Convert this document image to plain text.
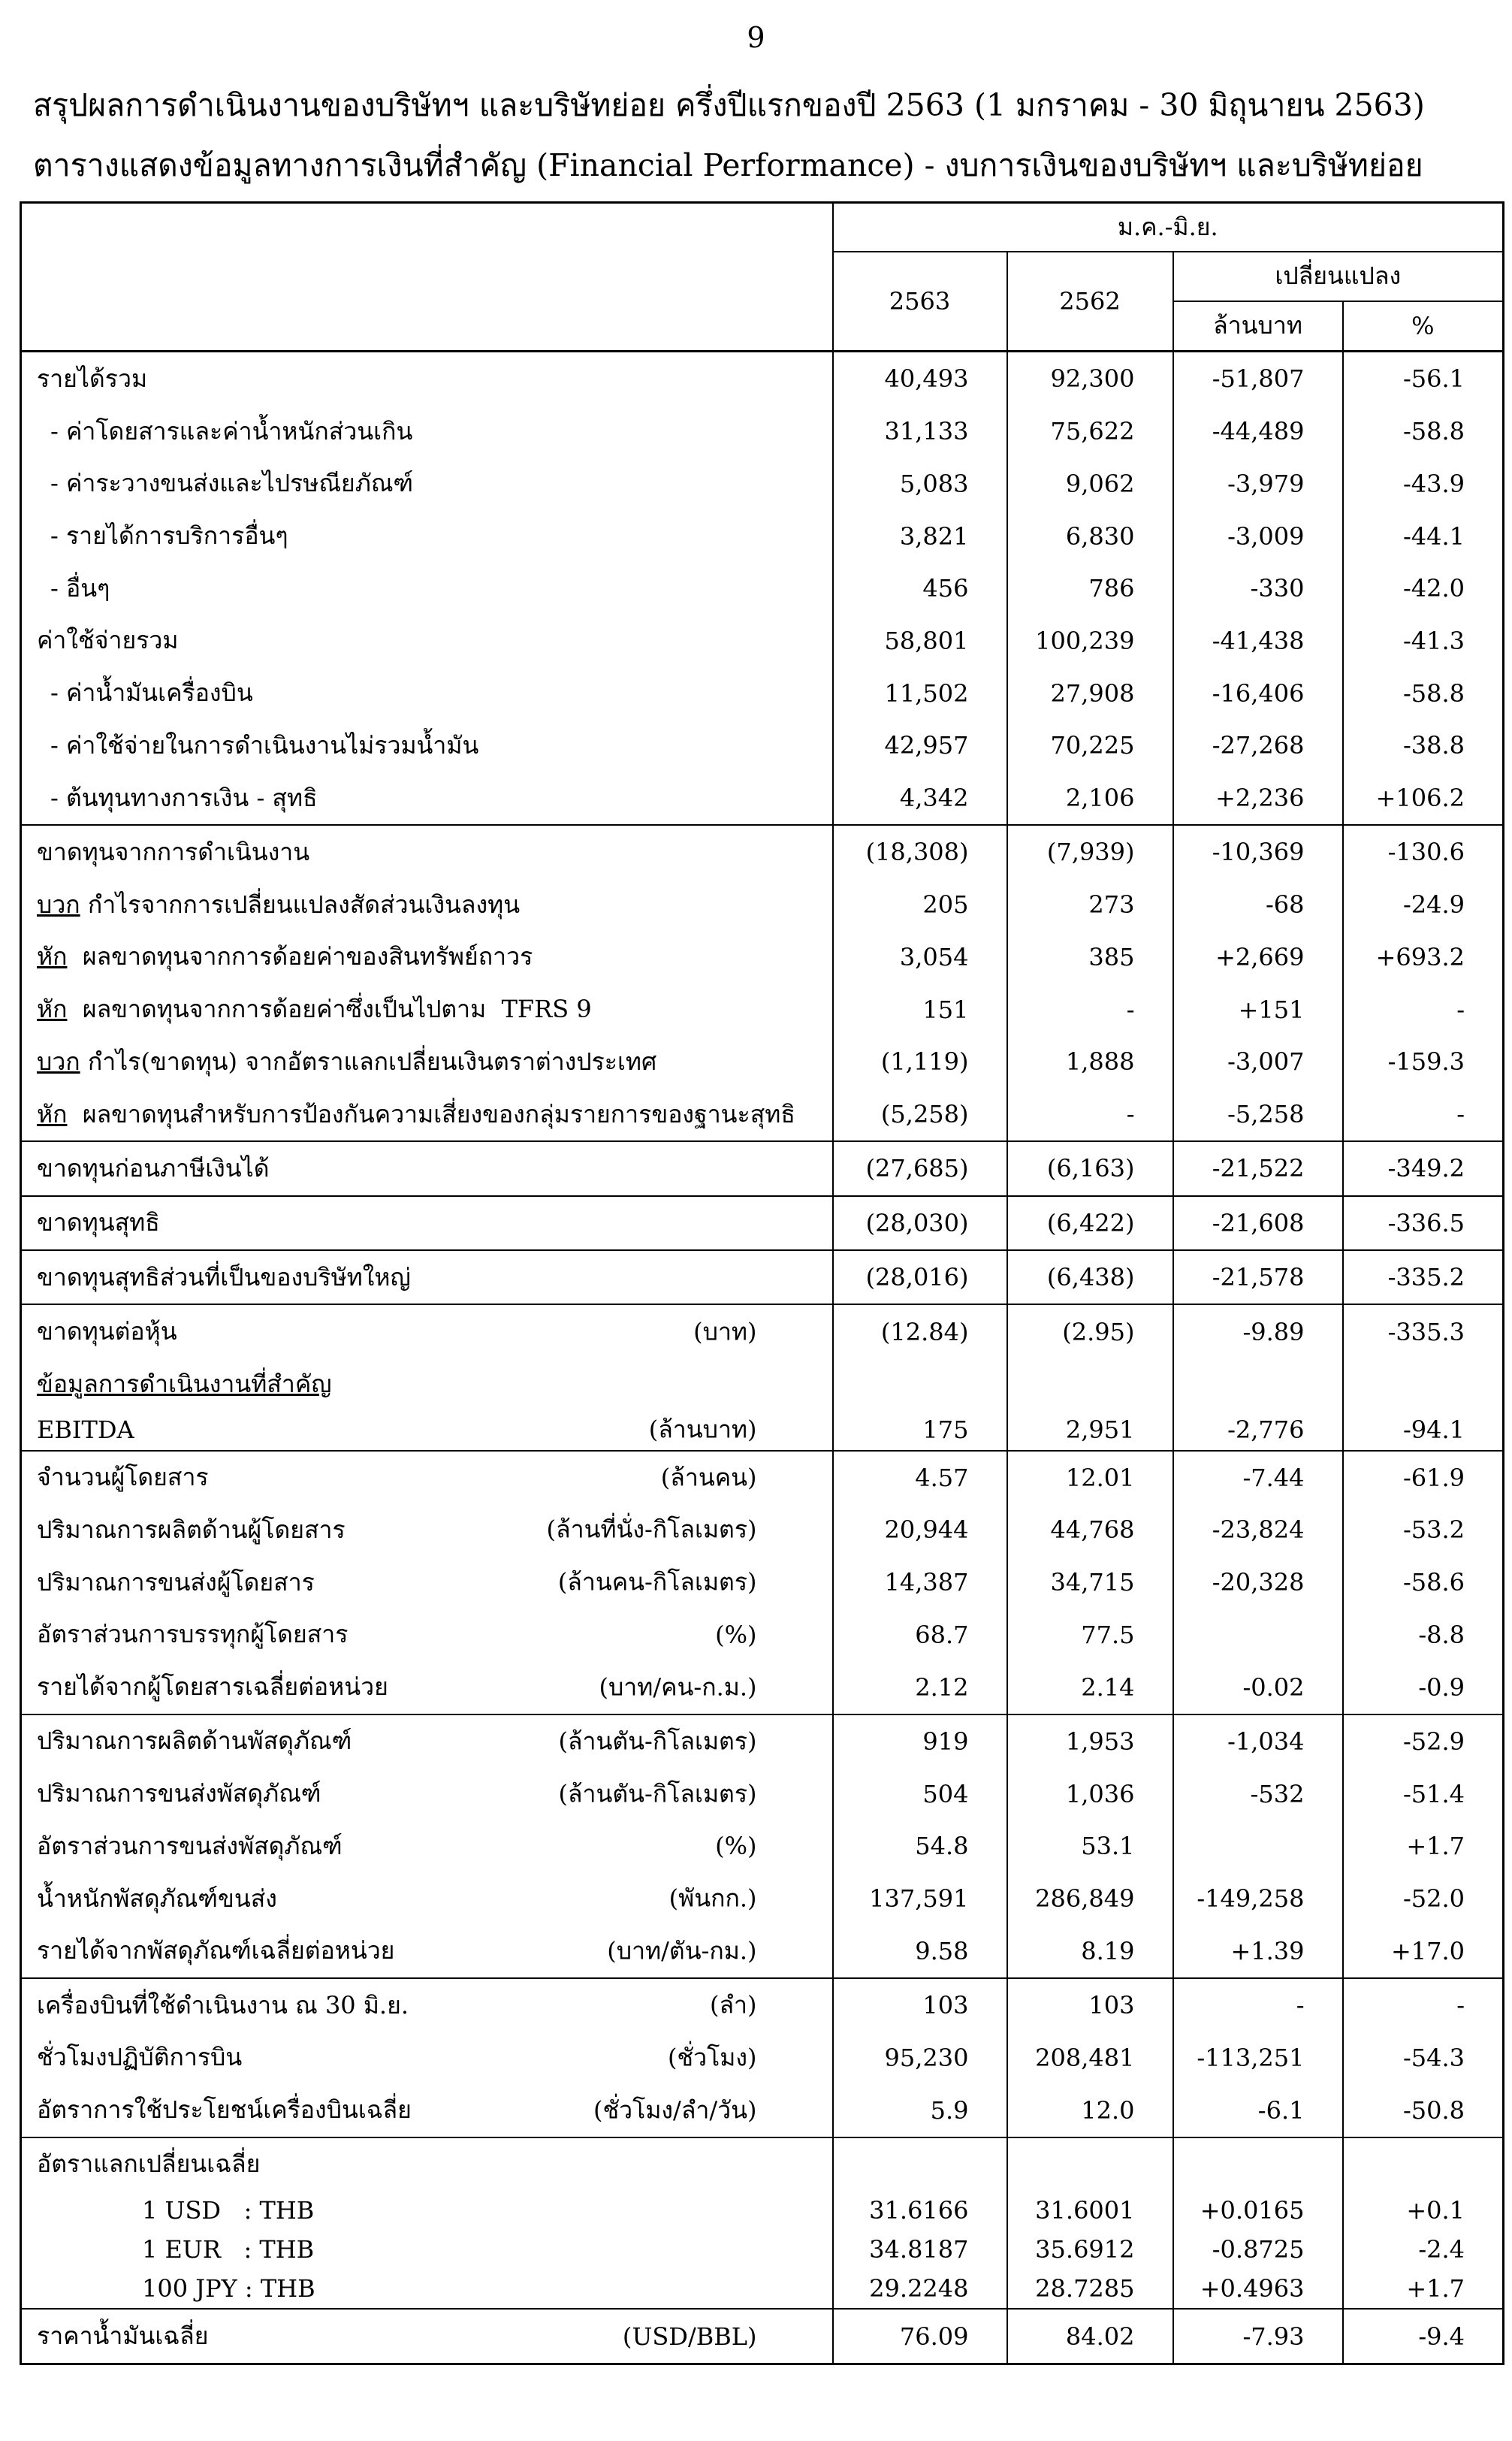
9
สรุปผลการดำเนินงานของบริษัทฯ และบริษัทย่อย ครึ่งปีแรกของปี 2563 (1 มกราคม - 30 มิถุนายน 2563)
ตารางแสดงข้อมูลทางการเงินที่สำคัญ (Financial Performance) - งบการเงินของบริษัทฯ และบริษัทย่อย
	ม.ค.-มิ.ย.			
	2563	2562	เปลี่ยนแปลง	
			ล้านบาท	%
รายได้รวม	40,493	92,300	-51,807	-56.1
- ค่าโดยสารและค่าน้ำหนักส่วนเกิน	31,133	75,622	-44,489	-58.8
- ค่าระวางขนส่งและไปรษณียภัณฑ์	5,083	9,062	-3,979	-43.9
- รายได้การบริการอื่นๆ	3,821	6,830	-3,009	-44.1
- อื่นๆ	456	786	-330	-42.0
ค่าใช้จ่ายรวม	58,801	100,239	-41,438	-41.3
- ค่าน้ำมันเครื่องบิน	11,502	27,908	-16,406	-58.8
- ค่าใช้จ่ายในการดำเนินงานไม่รวมน้ำมัน	42,957	70,225	-27,268	-38.8
- ต้นทุนทางการเงิน - สุทธิ	4,342	2,106	+2,236	+106.2
ขาดทุนจากการดำเนินงาน	(18,308)	(7,939)	-10,369	-130.6
บวก กำไรจากการเปลี่ยนแปลงสัดส่วนเงินลงทุน	205	273	-68	-24.9
หัก  ผลขาดทุนจากการด้อยค่าของสินทรัพย์ถาวร	3,054	385	+2,669	+693.2
หัก  ผลขาดทุนจากการด้อยค่าซึ่งเป็นไปตาม  TFRS 9	151	-	+151	-
บวก กำไร(ขาดทุน) จากอัตราแลกเปลี่ยนเงินตราต่างประเทศ	(1,119)	1,888	-3,007	-159.3
หัก  ผลขาดทุนสำหรับการป้องกันความเสี่ยงของกลุ่มรายการของฐานะสุทธิ	(5,258)	-	-5,258	-
ขาดทุนก่อนภาษีเงินได้	(27,685)	(6,163)	-21,522	-349.2
ขาดทุนสุทธิ	(28,030)	(6,422)	-21,608	-336.5
ขาดทุนสุทธิส่วนที่เป็นของบริษัทใหญ่	(28,016)	(6,438)	-21,578	-335.2
ขาดทุนต่อหุ้น (บาท)	(12.84)	(2.95)	-9.89	-335.3
ข้อมูลการดำเนินงานที่สำคัญ				
EBITDA (ล้านบาท)	175	2,951	-2,776	-94.1
จำนวนผู้โดยสาร (ล้านคน)	4.57	12.01	-7.44	-61.9
ปริมาณการผลิตด้านผู้โดยสาร (ล้านที่นั่ง-กิโลเมตร)	20,944	44,768	-23,824	-53.2
ปริมาณการขนส่งผู้โดยสาร (ล้านคน-กิโลเมตร)	14,387	34,715	-20,328	-58.6
อัตราส่วนการบรรทุกผู้โดยสาร (%)	68.7	77.5		-8.8
รายได้จากผู้โดยสารเฉลี่ยต่อหน่วย (บาท/คน-ก.ม.)	2.12	2.14	-0.02	-0.9
ปริมาณการผลิตด้านพัสดุภัณฑ์ (ล้านตัน-กิโลเมตร)	919	1,953	-1,034	-52.9
ปริมาณการขนส่งพัสดุภัณฑ์ (ล้านตัน-กิโลเมตร)	504	1,036	-532	-51.4
อัตราส่วนการขนส่งพัสดุภัณฑ์ (%)	54.8	53.1		+1.7
น้ำหนักพัสดุภัณฑ์ขนส่ง (พันกก.)	137,591	286,849	-149,258	-52.0
รายได้จากพัสดุภัณฑ์เฉลี่ยต่อหน่วย (บาท/ตัน-กม.)	9.58	8.19	+1.39	+17.0
เครื่องบินที่ใช้ดำเนินงาน ณ 30 มิ.ย. (ลำ)	103	103	-	-
ชั่วโมงปฏิบัติการบิน (ชั่วโมง)	95,230	208,481	-113,251	-54.3
อัตราการใช้ประโยชน์เครื่องบินเฉลี่ย (ชั่วโมง/ลำ/วัน)	5.9	12.0	-6.1	-50.8
อัตราแลกเปลี่ยนเฉลี่ย				
1 USD   : THB	31.6166	31.6001	+0.0165	+0.1
1 EUR   : THB	34.8187	35.6912	-0.8725	-2.4
100 JPY : THB	29.2248	28.7285	+0.4963	+1.7
ราคาน้ำมันเฉลี่ย (USD/BBL)	76.09	84.02	-7.93	-9.4
